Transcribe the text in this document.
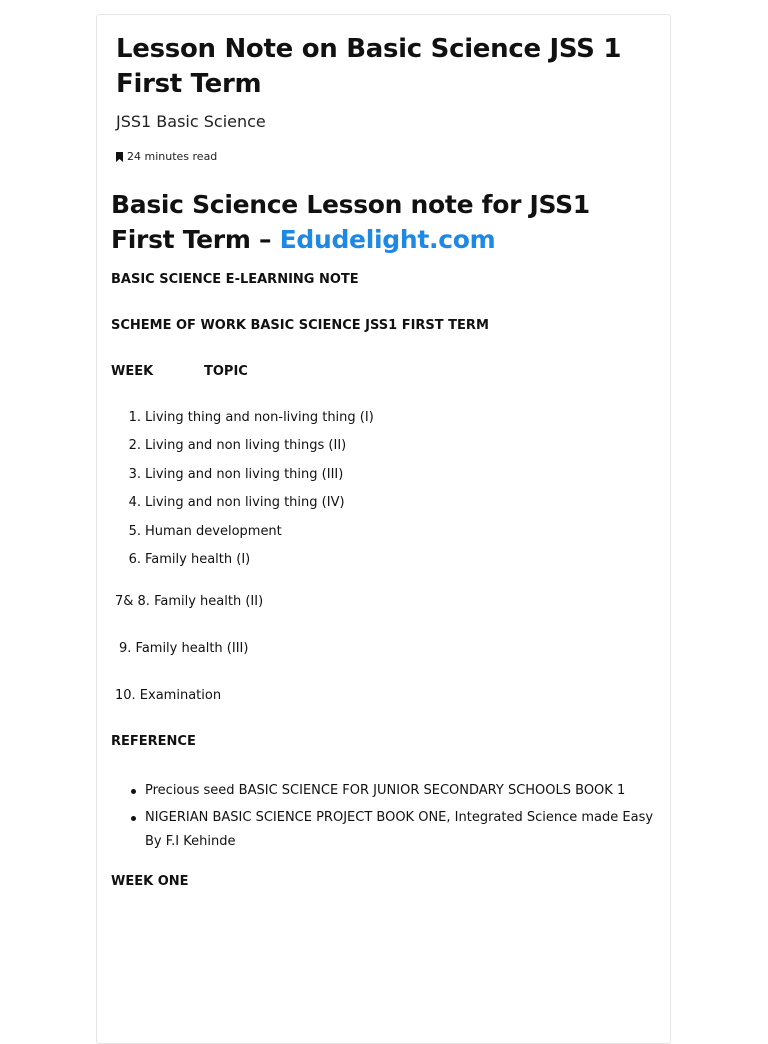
Lesson Note on Basic Science JSS 1 First Term

JSS1 Basic Science

24 minutes read
Basic Science Lesson note for JSS1 First Term – Edudelight.com

BASIC SCIENCE E-LEARNING NOTE

SCHEME OF WORK BASIC SCIENCE JSS1 FIRST TERM

WEEK	TOPIC
1. Living thing and non-living thing (I)
2. Living and non living things (II)
3. Living and non living thing (III)
4. Living and non living thing (IV)
5. Human development
6. Family health (I)

7& 8. Family health (II)

9. Family health (III)

10. Examination

REFERENCE

Precious seed BASIC SCIENCE FOR JUNIOR SECONDARY SCHOOLS BOOK 1
NIGERIAN BASIC SCIENCE PROJECT BOOK ONE, Integrated Science made Easy By F.I Kehinde

WEEK ONE
